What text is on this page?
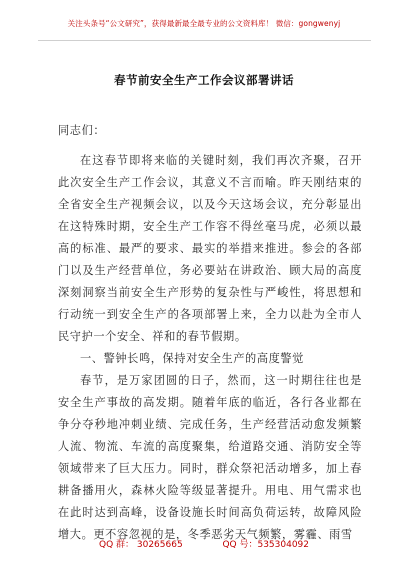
关注头条号“公文研究”，获得最新最全最专业的公文资料库！ 微信：gongwenyj
春节前安全生产工作会议部署讲话

同志们：

在这春节即将来临的关键时刻，我们再次齐聚，召开此次安全生产工作会议，其意义不言而喻。昨天刚结束的全省安全生产视频会议，以及今天这场会议，充分彰显出在这特殊时期，安全生产工作容不得丝毫马虎，必须以最高的标准、最严的要求、最实的举措来推进。参会的各部门以及生产经营单位，务必要站在讲政治、顾大局的高度深刻洞察当前安全生产形势的复杂性与严峻性，将思想和行动统一到安全生产的各项部署上来，全力以赴为全市人民守护一个安全、祥和的春节假期。

一、警钟长鸣，保持对安全生产的高度警觉

春节，是万家团圆的日子，然而，这一时期往往也是安全生产事故的高发期。随着年底的临近，各行各业都在争分夺秒地冲刺业绩、完成任务，生产经营活动愈发频繁人流、物流、车流的高度聚集，给道路交通、消防安全等领域带来了巨大压力。同时，群众祭祀活动增多，加上春耕备播用火，森林火险等级显著提升。用电、用气需求也在此时达到高峰，设备设施长时间高负荷运转，故障风险增大。更不容忽视的是，冬季恶劣天气频繁，雾霾、雨雪

QQ 群： 30265665	QQ 号：535304092
